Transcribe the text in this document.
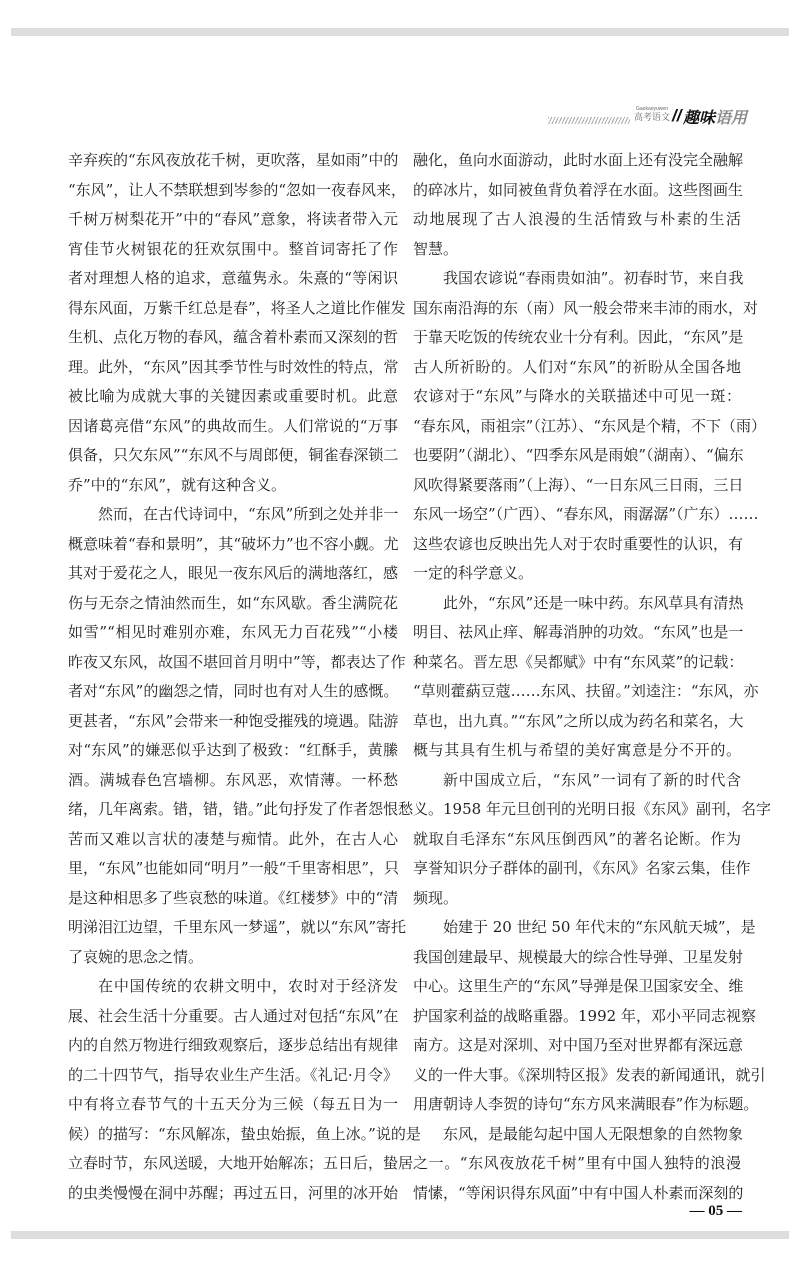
Gaokaoyuwen
高考语文 // 趣味语用
辛弃疾的“东风夜放花千树，更吹落，星如雨”中的
“东风”，让人不禁联想到岑参的“忽如一夜春风来，
千树万树梨花开”中的“春风”意象，将读者带入元
宵佳节火树银花的狂欢氛围中。整首词寄托了作
者对理想人格的追求，意蕴隽永。朱熹的“等闲识
得东风面，万紫千红总是春”，将圣人之道比作催发
生机、点化万物的春风，蕴含着朴素而又深刻的哲
理。此外，“东风”因其季节性与时效性的特点，常
被比喻为成就大事的关键因素或重要时机。此意
因诸葛亮借“东风”的典故而生。人们常说的“万事
俱备，只欠东风”“东风不与周郎便，铜雀春深锁二
乔”中的“东风”，就有这种含义。
然而，在古代诗词中，“东风”所到之处并非一
概意味着“春和景明”，其“破坏力”也不容小觑。尤
其对于爱花之人，眼见一夜东风后的满地落红，感
伤与无奈之情油然而生，如“东风歇。香尘满院花
如雪”“相见时难别亦难，东风无力百花残”“小楼
昨夜又东风，故国不堪回首月明中”等，都表达了作
者对“东风”的幽怨之情，同时也有对人生的感慨。
更甚者，“东风”会带来一种饱受摧残的境遇。陆游
对“东风”的嫌恶似乎达到了极致：“红酥手，黄縢
酒。满城春色宫墙柳。东风恶，欢情薄。一杯愁
绪，几年离索。错，错，错。”此句抒发了作者怨恨愁
苦而又难以言状的凄楚与痴情。此外，在古人心
里，“东风”也能如同“明月”一般“千里寄相思”，只
是这种相思多了些哀愁的味道。《红楼梦》中的“清
明涕泪江边望，千里东风一梦遥”，就以“东风”寄托
了哀婉的思念之情。
在中国传统的农耕文明中，农时对于经济发
展、社会生活十分重要。古人通过对包括“东风”在
内的自然万物进行细致观察后，逐步总结出有规律
的二十四节气，指导农业生产生活。《礼记·月令》
中有将立春节气的十五天分为三候（每五日为一
候）的描写：“东风解冻，蛰虫始振，鱼上冰。”说的是
立春时节，东风送暖，大地开始解冻；五日后，蛰居
的虫类慢慢在洞中苏醒；再过五日，河里的冰开始
融化，鱼向水面游动，此时水面上还有没完全融解
的碎冰片，如同被鱼背负着浮在水面。这些图画生
动地展现了古人浪漫的生活情致与朴素的生活
智慧。
我国农谚说“春雨贵如油”。初春时节，来自我
国东南沿海的东（南）风一般会带来丰沛的雨水，对
于靠天吃饭的传统农业十分有利。因此，“东风”是
古人所祈盼的。人们对“东风”的祈盼从全国各地
农谚对于“东风”与降水的关联描述中可见一斑：
“春东风，雨祖宗”（江苏）、“东风是个精，不下（雨）
也要阴”（湖北）、“四季东风是雨娘”（湖南）、“偏东
风吹得紧要落雨”（上海）、“一日东风三日雨，三日
东风一场空”（广西）、“春东风，雨潺潺”（广东）……
这些农谚也反映出先人对于农时重要性的认识，有
一定的科学意义。
此外，“东风”还是一味中药。东风草具有清热
明目、祛风止痒、解毒消肿的功效。“东风”也是一
种菜名。晋左思《吴都赋》中有“东风菜”的记载：
“草则藿蒳豆蔻……东风、扶留。”刘逵注：“东风，亦
草也，出九真。”“东风”之所以成为药名和菜名，大
概与其具有生机与希望的美好寓意是分不开的。
新中国成立后，“东风”一词有了新的时代含
义。1958 年元旦创刊的光明日报《东风》副刊，名字
就取自毛泽东“东风压倒西风”的著名论断。作为
享誉知识分子群体的副刊，《东风》名家云集，佳作
频现。
始建于 20 世纪 50 年代末的“东风航天城”，是
我国创建最早、规模最大的综合性导弹、卫星发射
中心。这里生产的“东风”导弹是保卫国家安全、维
护国家利益的战略重器。1992 年，邓小平同志视察
南方。这是对深圳、对中国乃至对世界都有深远意
义的一件大事。《深圳特区报》发表的新闻通讯，就引
用唐朝诗人李贺的诗句“东方风来满眼春”作为标题。
东风，是最能勾起中国人无限想象的自然物象
之一。“东风夜放花千树”里有中国人独特的浪漫
情愫，“等闲识得东风面”中有中国人朴素而深刻的
— 05 —
